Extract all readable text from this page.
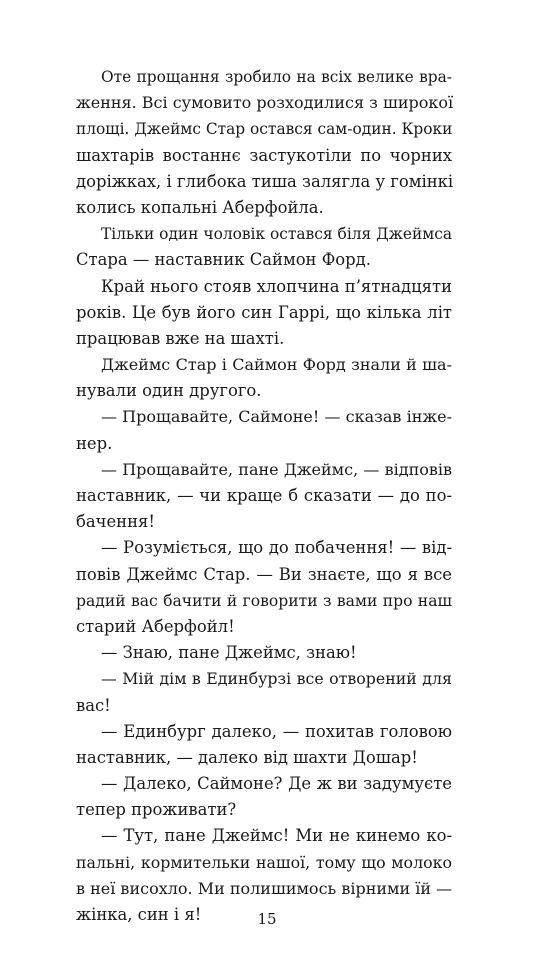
Оте прощання зробило на всіх велике вра-
ження. Всі сумовито розходилися з широкої
площі. Джеймс Стар остався сам-один. Кроки
шахтарів востаннє застукотіли по чорних
доріжках, і глибока тиша залягла у гомінкі
колись копальні Аберфойла.
Тільки один чоловік остався біля Джеймса
Стара — наставник Саймон Форд.
Край нього стояв хлопчина п’ятнадцяти
років. Це був його син Гаррі, що кілька літ
працював вже на шахті.
Джеймс Стар і Саймон Форд знали й ша-
нували один другого.
— Прощавайте, Саймоне! — сказав інже-
нер.
— Прощавайте, пане Джеймс, — відповів
наставник, — чи краще б сказати — до по-
бачення!
— Розуміється, що до побачення! — від-
повів Джеймс Стар. — Ви знаєте, що я все
радий вас бачити й говорити з вами про наш
старий Аберфойл!
— Знаю, пане Джеймс, знаю!
— Мій дім в Единбурзі все отворений для
вас!
— Единбург далеко, — похитав головою
наставник, — далеко від шахти Дошар!
— Далеко, Саймоне? Де ж ви задумуєте
тепер проживати?
— Тут, пане Джеймс! Ми не кинемо ко-
пальні, кормительки нашої, тому що молоко
в неї висохло. Ми полишимось вірними їй —
жінка, син і я!	15
